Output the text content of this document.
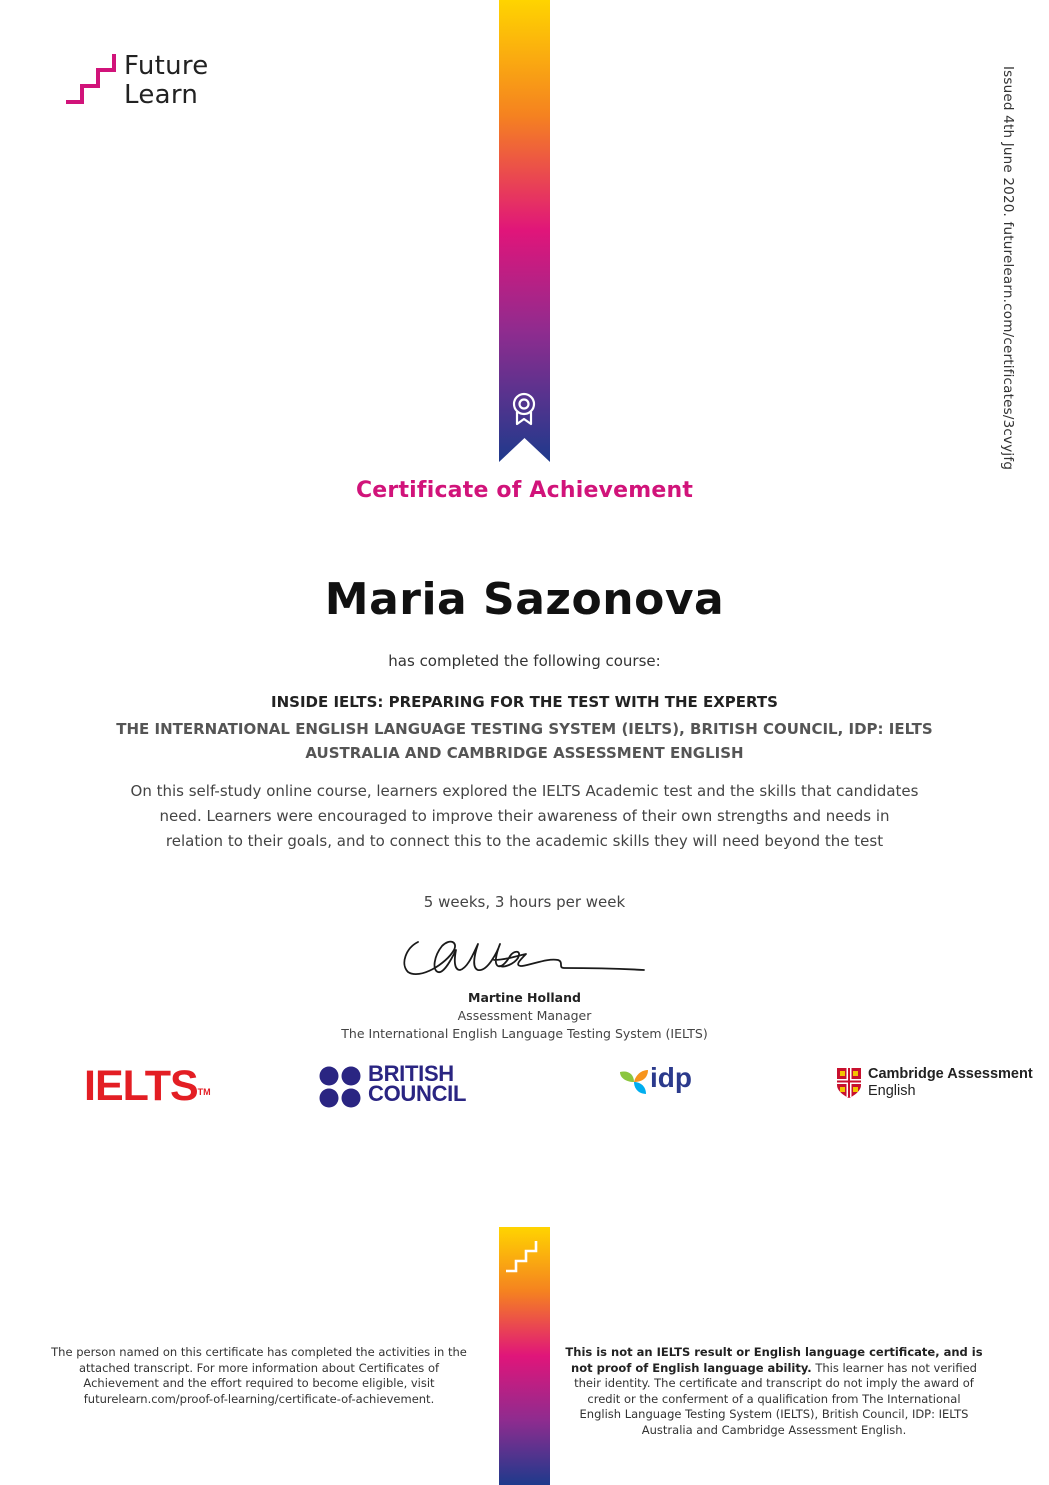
Future
Learn	Issued 4th June 2020. futurelearn.com/certificates/3cvyjfg
Certificate of Achievement
Maria Sazonova
has completed the following course:
INSIDE IELTS: PREPARING FOR THE TEST WITH THE EXPERTS
THE INTERNATIONAL ENGLISH LANGUAGE TESTING SYSTEM (IELTS), BRITISH COUNCIL, IDP: IELTS AUSTRALIA AND CAMBRIDGE ASSESSMENT ENGLISH
On this self-study online course, learners explored the IELTS Academic test and the skills that candidates need. Learners were encouraged to improve their awareness of their own strengths and needs in relation to their goals, and to connect this to the academic skills they will need beyond the test
5 weeks, 3 hours per week
Martine Holland
Assessment Manager
The International English Language Testing System (IELTS)
IELTS™
BRITISH
COUNCIL
idp	Cambridge Assessment
English
The person named on this certificate has completed the activities in the attached transcript. For more information about Certificates of Achievement and the effort required to become eligible, visit futurelearn.com/proof-of-learning/certificate-of-achievement.
This is not an IELTS result or English language certificate, and is not proof of English language ability. This learner has not verified their identity. The certificate and transcript do not imply the award of credit or the conferment of a qualification from The International English Language Testing System (IELTS), British Council, IDP: IELTS Australia and Cambridge Assessment English.
